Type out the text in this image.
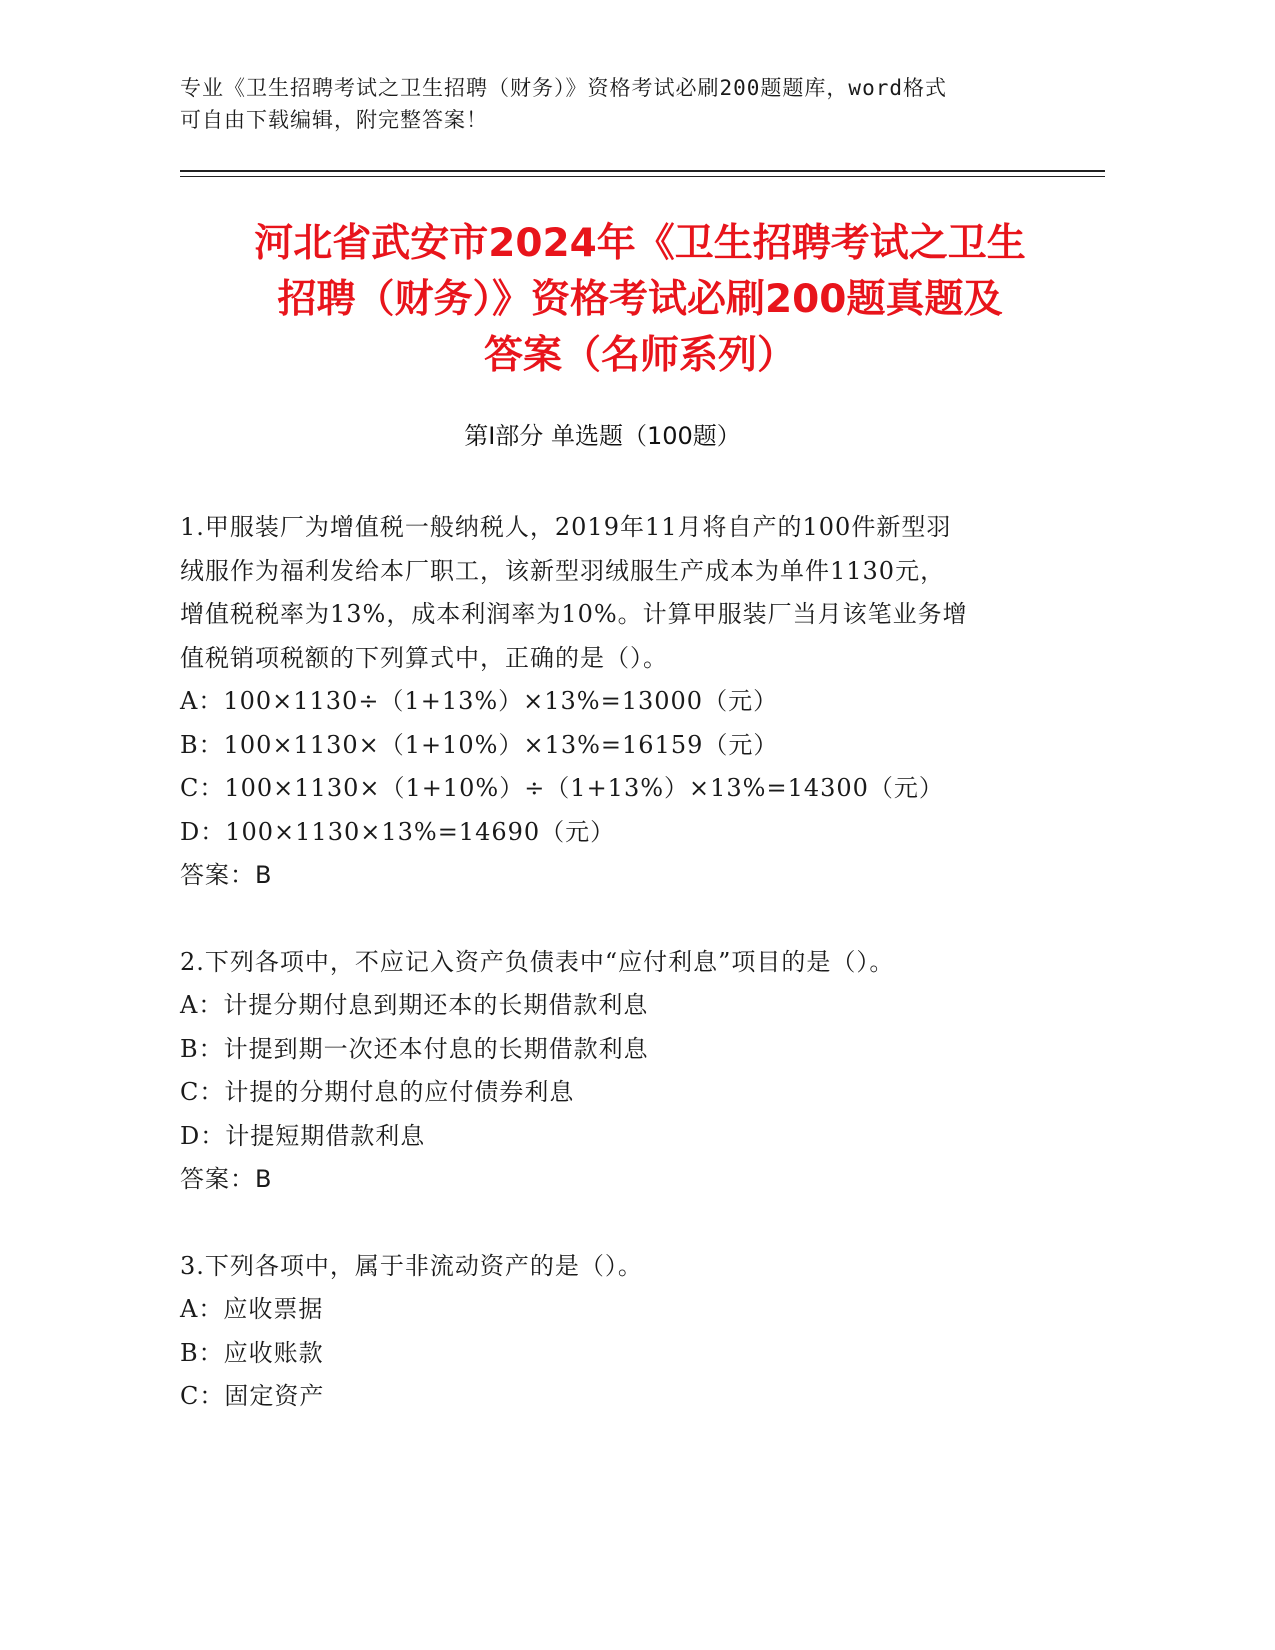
专业《卫生招聘考试之卫生招聘（财务）》资格考试必刷200题题库，word格式
可自由下载编辑，附完整答案！
河北省武安市2024年《卫生招聘考试之卫生
招聘（财务）》资格考试必刷200题真题及
答案（名师系列）
第Ⅰ部分 单选题（100题）
1.甲服装厂为增值税一般纳税人，2019年11月将自产的100件新型羽
绒服作为福利发给本厂职工，该新型羽绒服生产成本为单件1130元，
增值税税率为13%，成本利润率为10%。计算甲服装厂当月该笔业务增
值税销项税额的下列算式中，正确的是（）。
A：100×1130÷（1+13%）×13%=13000（元）
B：100×1130×（1+10%）×13%=16159（元）
C：100×1130×（1+10%）÷（1+13%）×13%=14300（元）
D：100×1130×13%=14690（元）
答案：B
2.下列各项中，不应记入资产负债表中“应付利息”项目的是（）。
A：计提分期付息到期还本的长期借款利息
B：计提到期一次还本付息的长期借款利息
C：计提的分期付息的应付债券利息
D：计提短期借款利息
答案：B
3.下列各项中，属于非流动资产的是（）。
A：应收票据
B：应收账款
C：固定资产
